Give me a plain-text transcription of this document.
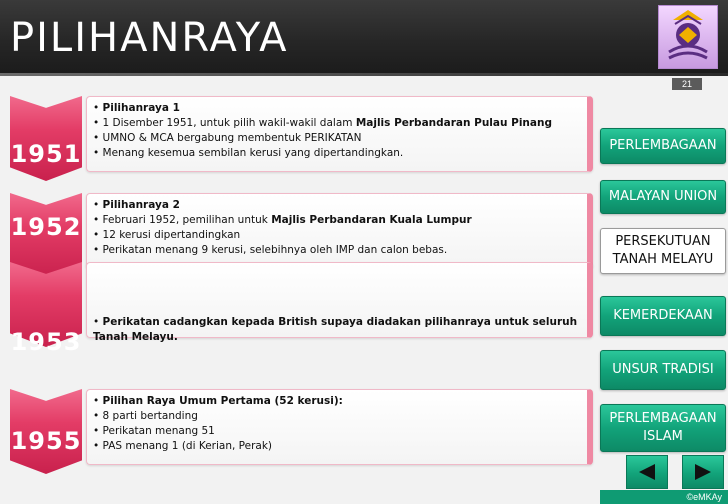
PILIHANRAYA
21
1951
• Pilihanraya 1
• 1 Disember 1951, untuk pilih wakil-wakil dalam Majlis Perbandaran Pulau Pinang
• UMNO & MCA bergabung membentuk PERIKATAN
• Menang kesemua sembilan kerusi yang dipertandingkan.
1952
• Pilihanraya 2
• Februari 1952, pemilihan untuk Majlis Perbandaran Kuala Lumpur
• 12 kerusi dipertandingkan
• Perikatan menang 9 kerusi, selebihnya oleh IMP dan calon bebas.
1953
• Perikatan cadangkan kepada British supaya diadakan pilihanraya untuk seluruh Tanah Melayu.
1955
• Pilihan Raya Umum Pertama (52 kerusi):
• 8 parti bertanding
• Perikatan menang 51
• PAS menang 1 (di Kerian, Perak)
PERLEMBAGAAN
MALAYAN UNION
PERSEKUTUAN TANAH MELAYU
KEMERDEKAAN
UNSUR TRADISI
PERLEMBAGAAN ISLAM
©eMKAy
